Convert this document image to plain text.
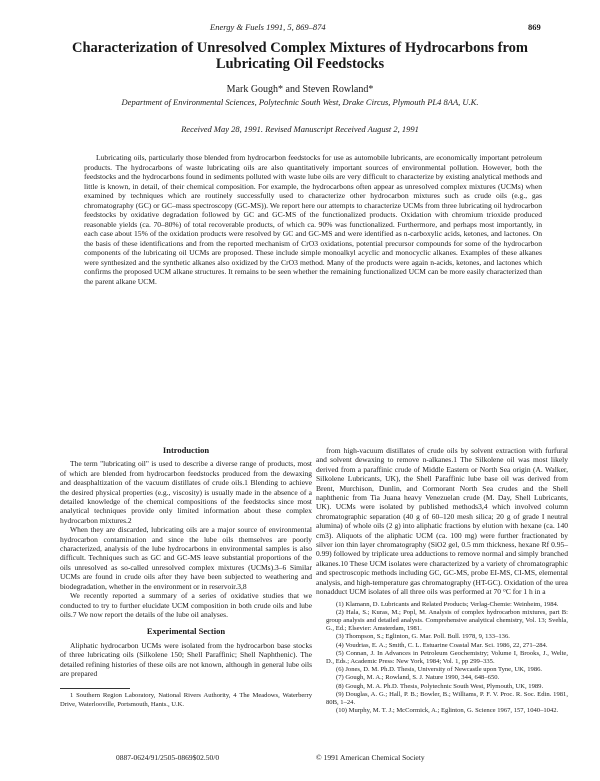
Energy & Fuels 1991, 5, 869–874	869
Characterization of Unresolved Complex Mixtures of Hydrocarbons from Lubricating Oil Feedstocks
Mark Gough* and Steven Rowland*
Department of Environmental Sciences, Polytechnic South West, Drake Circus, Plymouth PL4 8AA, U.K.
Received May 28, 1991. Revised Manuscript Received August 2, 1991

Lubricating oils, particularly those blended from hydrocarbon feedstocks for use as automobile lubricants, are economically important petroleum products. The hydrocarbons of waste lubricating oils are also quantitatively important sources of environmental pollution. However, both the feedstocks and the hydrocarbons found in sediments polluted with waste lube oils are very difficult to characterize by existing analytical methods and little is known, in detail, of their chemical composition. For example, the hydrocarbons often appear as unresolved complex mixtures (UCMs) when examined by techniques which are routinely successfully used to characterize other hydrocarbon mixtures such as crude oils (e.g., gas chromatography (GC) or GC–mass spectroscopy (GC-MS)). We report here our attempts to characterize UCMs from three lubricating oil hydrocarbon feedstocks by oxidative degradation followed by GC and GC-MS of the functionalized products. Oxidation with chromium trioxide produced reasonable yields (ca. 70–80%) of total recoverable products, of which ca. 90% was functionalized. Furthermore, and perhaps most importantly, in each case about 15% of the oxidation products were resolved by GC and GC-MS and were identified as n-carboxylic acids, ketones, and lactones. On the basis of these identifications and from the reported mechanism of CrO3 oxidations, potential precursor compounds for some of the hydrocarbon components of the lubricating oil UCMs are proposed. These include simple monoalkyl acyclic and monocyclic alkanes. Examples of these alkanes were synthesized and the synthetic alkanes also oxidized by the CrO3 method. Many of the products were again n-acids, ketones, and lactones which confirms the proposed UCM alkane structures. It remains to be seen whether the remaining functionalized UCM can be more easily characterized than the parent alkane UCM.

Introduction

The term "lubricating oil" is used to describe a diverse range of products, most of which are blended from hydrocarbon feedstocks produced from the dewaxing and deasphaltization of the vacuum distillates of crude oils.1 Blending to achieve the desired physical properties (e.g., viscosity) is usually made in the absence of a detailed knowledge of the chemical compositions of the feedstocks since most analytical techniques provide only limited information about these complex hydrocarbon mixtures.2

When they are discarded, lubricating oils are a major source of environmental hydrocarbon contamination and since the lube oils themselves are poorly characterized, analysis of the lube hydrocarbons in environmental samples is also difficult. Techniques such as GC and GC-MS leave substantial proportions of the oils unresolved as so-called unresolved complex mixtures (UCMs).3–6 Similar UCMs are found in crude oils after they have been subjected to weathering and biodegradation, whether in the environment or in reservoir.3,8

We recently reported a summary of a series of oxidative studies that we conducted to try to further elucidate UCM composition in both crude oils and lube oils.7 We now report the details of the lube oil analyses.

Experimental Section

Aliphatic hydrocarbon UCMs were isolated from the hydrocarbon base stocks of three lubricating oils (Silkolene 150; Shell Paraffinic; Shell Naphthenic). The detailed refining histories of these oils are not known, although in general lube oils are prepared

1 Southern Region Laboratory, National Rivers Authority, 4 The Meadows, Waterberry Drive, Waterlooville, Portsmouth, Hants., U.K.

from high-vacuum distillates of crude oils by solvent extraction with furfural and solvent dewaxing to remove n-alkanes.1 The Silkolene oil was most likely derived from a paraffinic crude of Middle Eastern or North Sea origin (A. Walker, Silkolene Lubricants, UK), the Shell Paraffinic lube base oil was derived from Brent, Murchison, Dunlin, and Cormorant North Sea crudes and the Shell naphthenic from Tia Juana heavy Venezuelan crude (M. Day, Shell Lubricants, UK). UCMs were isolated by published methods3,4 which involved column chromatographic separation (40 g of 60–120 mesh silica; 20 g of grade I neutral alumina) of whole oils (2 g) into aliphatic fractions by elution with hexane (ca. 140 cm3). Aliquots of the aliphatic UCM (ca. 100 mg) were further fractionated by silver ion thin layer chromatography (SiO2 gel, 0.5 mm thickness, hexane Rf 0.95–0.99) followed by triplicate urea adductions to remove normal and simply branched alkanes.10 These UCM isolates were characterized by a variety of chromatographic and spectroscopic methods including GC, GC-MS, probe EI-MS, CI-MS, elemental analysis, and high-temperature gas chromatography (HT-GC). Oxidation of the urea nonadduct UCM isolates of all three oils was performed at 70 °C for 1 h in a

(1) Klamann, D. Lubricants and Related Products; Verlag-Chemie: Weinheim, 1984.

(2) Hala, S.; Kuras, M.; Popl, M. Analysis of complex hydrocarbon mixtures, part B: group analysis and detailed analysis. Comprehensive analytical chemistry, Vol. 13; Svehla, G., Ed.; Elsevier: Amsterdam, 1981.

(3) Thompson, S.; Eglinton, G. Mar. Poll. Bull. 1978, 9, 133–136.

(4) Voudrias, E. A.; Smith, C. L. Estuarine Coastal Mar. Sci. 1986, 22, 271–284.

(5) Connan, J. In Advances in Petroleum Geochemistry; Volume I, Brooks, J., Welte, D., Eds.; Academic Press: New York, 1984; Vol. 1, pp 299–335.

(6) Jones, D. M. Ph.D. Thesis, University of Newcastle upon Tyne, UK, 1986.

(7) Gough, M. A.; Rowland, S. J. Nature 1990, 344, 648–650.

(8) Gough, M. A. Ph.D. Thesis, Polytechnic South West, Plymouth, UK, 1989.

(9) Douglas, A. G.; Hall, P. B.; Bowler, B.; Williams, P. F. V. Proc. R. Soc. Edin. 1981, 80B, 1–24.

(10) Murphy, M. T. J.; McCormick, A.; Eglinton, G. Science 1967, 157, 1040–1042.

0887-0624/91/2505-0869$02.50/0	© 1991 American Chemical Society
